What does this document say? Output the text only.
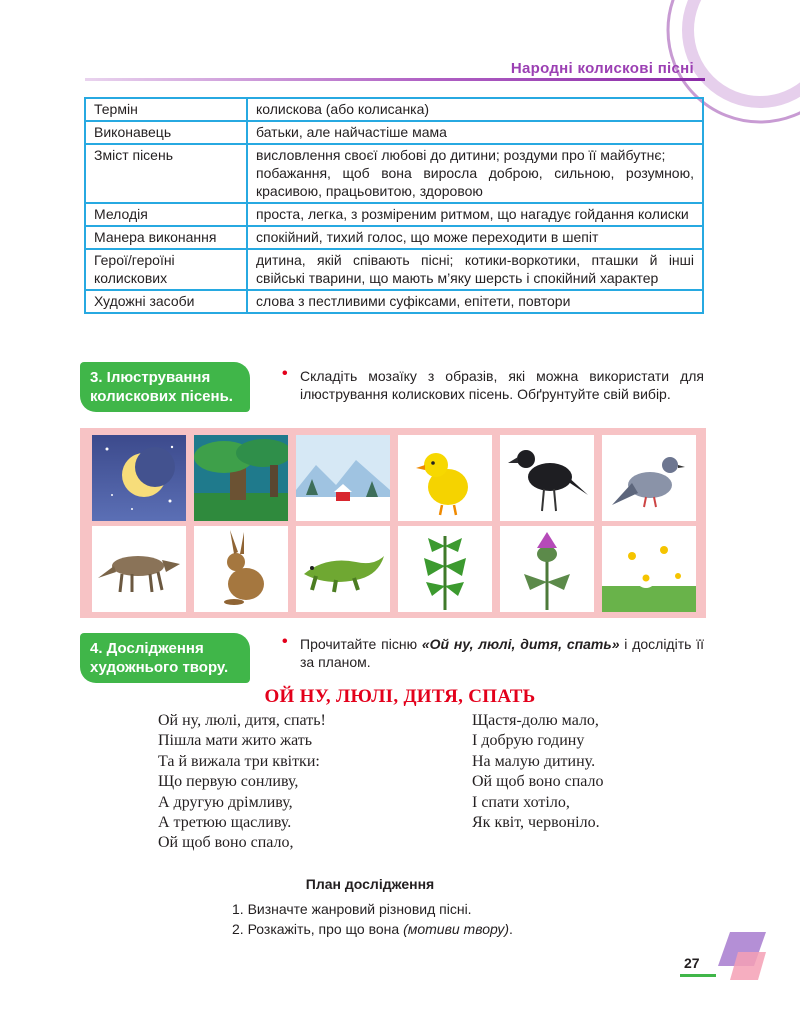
Народні колискові пісні
Термін	колискова (або колисанка)
Виконавець	батьки, але найчастіше мама
Зміст пісень	висловлення своєї любові до дитини; роздуми про її майбутнє;
побажання, щоб вона виросла доброю, сильною, розумною, красивою, працьовитою, здоровою

Мелодія	проста, легка, з розміреним ритмом, що нагадує гойдання колиски
Манера виконання	спокійний, тихий голос, що може переходити в шепіт
Герої/героїні колискових	дитина, якій співають пісні; котики-воркотики, пташки й інші свійські тварини, що мають м’яку шерсть і спокійний характер
Художні засоби	слова з пестливими суфіксами, епітети, повтори
3. Ілюстрування колискових пісень.
• Складіть мозаїку з образів, які можна використати для ілюстрування колискових пісень. Обґрунтуйте свій вибір.
4. Дослідження художнього твору.
• Прочитайте пісню «Ой ну, люлі, дитя, спать» і дослідіть її за планом.
ОЙ НУ, ЛЮЛІ, ДИТЯ, СПАТЬ
Ой ну, люлі, дитя, спать!
Пішла мати жито жать
Та й вижала три квітки:
Що первую сонливу,
А другую дрімливу,
А третюю щасливу.
Ой щоб воно спало,
Щастя-долю мало,
І добрую годину
На малую дитину.
Ой щоб воно спало
І спати хотіло,
Як квіт, червоніло.
План дослідження
1. Визначте жанровий різновид пісні.
2. Розкажіть, про що вона (мотиви твору).
27
